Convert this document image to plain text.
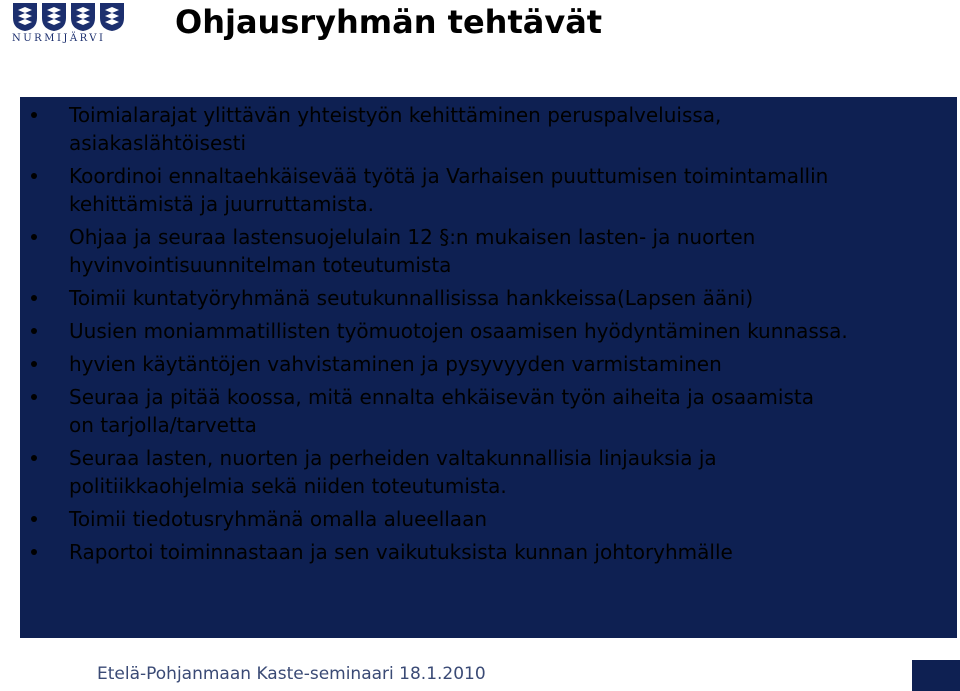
NURMIJÄRVI Ohjausryhmän tehtävät
Toimialarajat ylittävän yhteistyön kehittäminen peruspalveluissa,
asiakaslähtöisesti
Koordinoi ennaltaehkäisevää työtä ja Varhaisen puuttumisen toimintamallin
kehittämistä ja juurruttamista.
Ohjaa ja seuraa lastensuojelulain 12 §:n mukaisen lasten- ja nuorten
hyvinvointisuunnitelman toteutumista
Toimii kuntatyöryhmänä seutukunnallisissa hankkeissa(Lapsen ääni)
Uusien moniammatillisten työmuotojen osaamisen hyödyntäminen kunnassa.
hyvien käytäntöjen vahvistaminen ja pysyvyyden varmistaminen
Seuraa ja pitää koossa, mitä ennalta ehkäisevän työn aiheita ja osaamista
on tarjolla/tarvetta
Seuraa lasten, nuorten ja perheiden valtakunnallisia linjauksia ja
politiikkaohjelmia sekä niiden toteutumista.
Toimii tiedotusryhmänä omalla alueellaan
Raportoi toiminnastaan ja sen vaikutuksista kunnan johtoryhmälle
Etelä-Pohjanmaan Kaste-seminaari 18.1.2010
